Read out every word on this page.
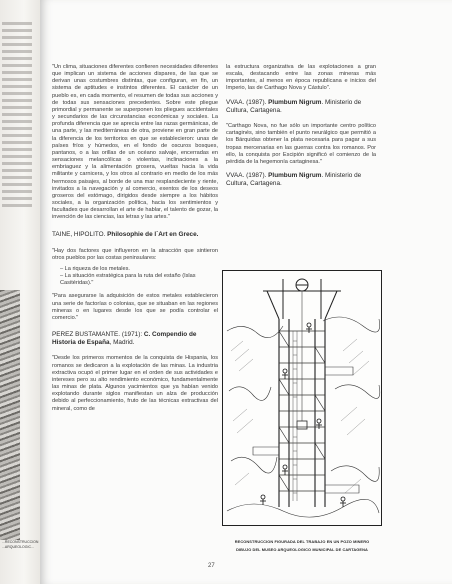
...RECONSTRUCCION ...ARQUEOLOGIC...

"Un clima, situaciones diferentes confieren necesidades diferentes que implican un sistema de acciones dispares, de las que se derivan unas costumbres distintas, que configuran, en fin, un sistema de aptitudes e instintos diferentes. El carácter de un pueblo es, en cada momento, el resumen de todas sus acciones y de todas sus sensaciones precedentes. Sobre este pliegue primordial y permanente se superponen los pliegues accidentales y secundarios de las circunstancias económicas y sociales. La profunda diferencia que se aprecia entre las razas germánicas, de una parte, y las mediterráneas de otra, proviene en gran parte de la diferencia de los territorios en que se establecieron: unas de países fríos y húmedos, en el fondo de oscuros bosques, pantanos, o a las orillas de un océano salvaje, encerradas en sensaciones melancólicas o violentas, inclinaciones a la embriaguez y la alimentación grosera, vueltas hacia la vida militante y carnicera, y los otros al contrario en medio de los más hermosos paisajes, al borde de una mar resplandeciente y riente, invitados a la navegación y al comercio, exentos de los deseos groseros del estómago, dirigidos desde siempre a los hábitos sociales, a la organización política, hacia los sentimientos y facultades que desarrollan el arte de hablar, el talento de gozar, la invención de las ciencias, las letras y las artes."

TAINE, HIPOLITO. Philosophie de l´Art en Grece.

"Hay dos factores que influyeron en la atracción que sintieron otros pueblos por las costas peninsulares:

– La riqueza de los metales.
– La situación estratégica para la ruta del estaño (Islas Casitéridas)."

"Para asegurarse la adquisición de estos metales establecieron una serie de factorías o colonias, que se situaban en las regiones mineras o en lugares desde los que se podía controlar el comercio."

PEREZ BUSTAMANTE. (1971): C. Compendio de Historia de España, Madrid.

"Desde los primeros momentos de la conquista de Hispania, los romanos se dedicaron a la explotación de las minas. La industria extractiva ocupó el primer lugar en el orden de sus actividades e intereses pero su alto rendimiento económico, fundamentalmente las minas de plata. Algunos yacimientos que ya habían venido explotando durante siglos manifiestan un alza de producción debido al perfeccionamiento, fruto de las técnicas extractivas del mineral, como de

la estructura organizativa de las explotaciones a gran escala, destacando entre las zonas mineras más importantes, al menos en época republicana e inicios del Imperio, las de Carthago Nova y Cástulo".

VVAA. (1987). Plumbum Nigrum. Ministerio de Cultura, Cartagena.

"Carthago Nova, no fue sólo un importante centro político cartaginés, sino también el punto neurálgico que permitió a los Bárquidas obtener la plata necesaria para pagar a sus tropas mercenarias en las guerras contra los romanos. Por ello, la conquista por Escipión significó el comienzo de la pérdida de la hegemonía cartaginesa."

VVAA. (1987). Plumbum Nigrum. Ministerio de Cultura, Cartagena.

RECONSTRUCCION FIGURADA DEL TRABAJO EN UN POZO MINERO
DIBUJO DEL MUSEO ARQUEOLOGICO MUNICIPAL DE CARTAGENA
27
